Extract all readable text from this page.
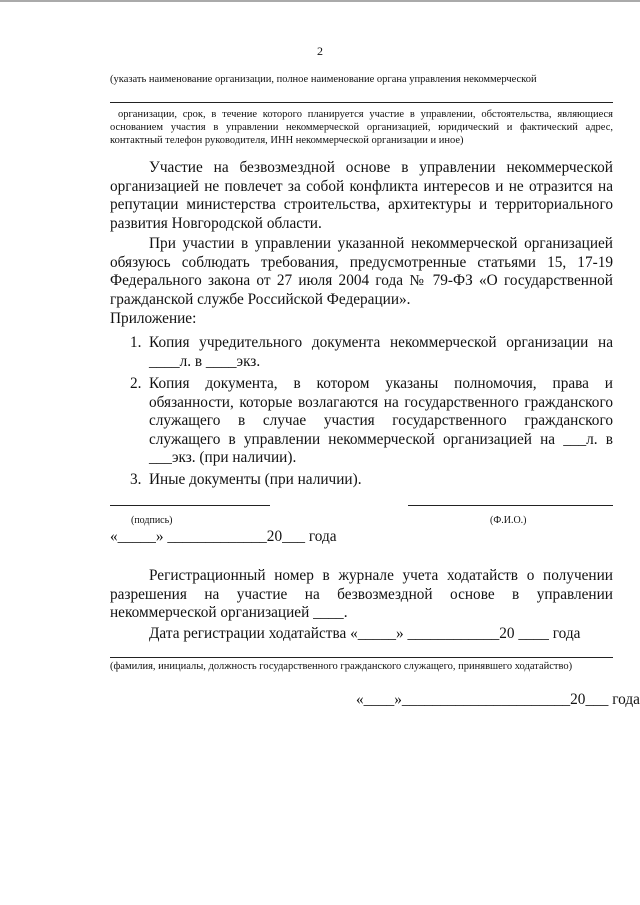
2
(указать наименование организации, полное наименование органа управления некоммерческой
организации, срок, в течение которого планируется участие в управлении, обстоятельства, являющиеся основанием участия в управлении некоммерческой организацией, юридический и фактический адрес, контактный телефон руководителя, ИНН некоммерческой организации и иное)

Участие на безвозмездной основе в управлении некоммерческой организацией не повлечет за собой конфликта интересов и не отразится на репутации министерства строительства, архитектуры и территориального развития Новгородской области.

При участии в управлении указанной некоммерческой организацией обязуюсь соблюдать требования, предусмотренные статьями 15, 17-19 Федерального закона от 27 июля 2004 года № 79-ФЗ «О государственной гражданской службе Российской Федерации».

Приложение:

1. Копия учредительного документа некоммерческой организации на ____л. в ____экз.
2. Копия документа, в котором указаны полномочия, права и обязанности, которые возлагаются на государственного гражданского служащего в случае участия государственного гражданского служащего в управлении некоммерческой организацией на ___л. в ___экз. (при наличии).
3. Иные документы (при наличии).
(подпись)	(Ф.И.О.)

«_____» _____________20___ года

Регистрационный номер в журнале учета ходатайств о получении разрешения на участие на безвозмездной основе в управлении некоммерческой организацией ____.

Дата регистрации ходатайства «_____» ____________20 ____ года

(фамилия, инициалы, должность государственного гражданского служащего, принявшего ходатайство)

«____»______________________20___ года
